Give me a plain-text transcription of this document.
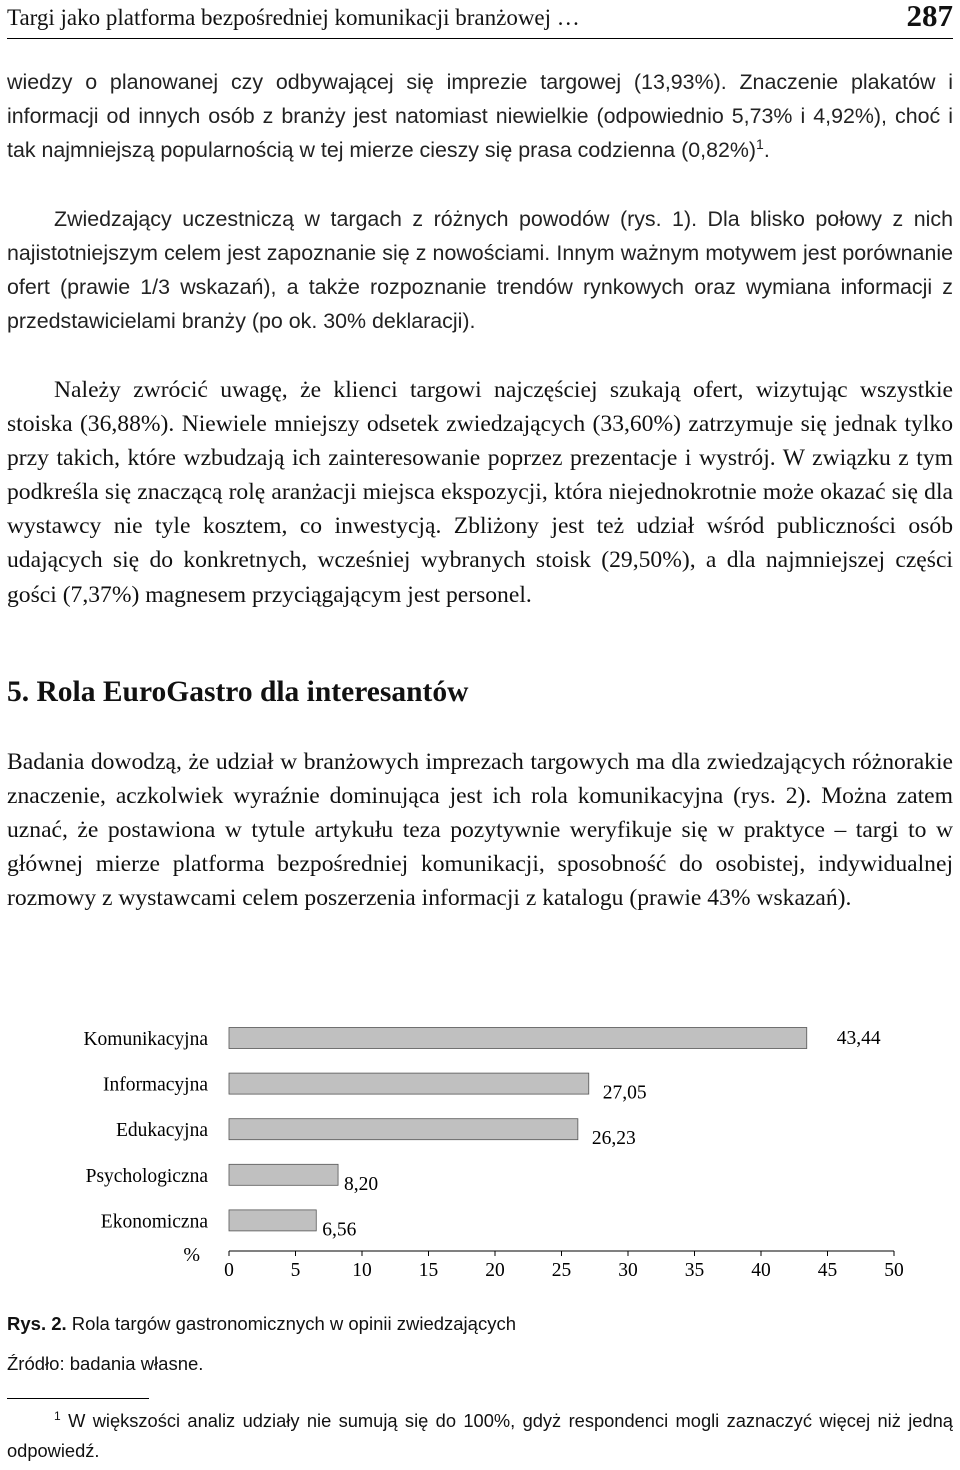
Targi jako platforma bezpośredniej komunikacji branżowej …	287

wiedzy o planowanej czy odbywającej się imprezie targowej (13,93%). Znaczenie plakatów i informacji od innych osób z branży jest natomiast niewielkie (odpowiednio 5,73% i 4,92%), choć i tak najmniejszą popularnością w tej mierze cieszy się prasa codzienna $(0,82\%)^1$.

Zwiedzający uczestniczą w targach z różnych powodów (rys. 1). Dla blisko połowy z nich najistotniejszym celem jest zapoznanie się z nowościami. Innym ważnym motywem jest porównanie ofert (prawie 1/3 wskazań), a także rozpoznanie trendów rynkowych oraz wymiana informacji z przedstawicielami branży (po ok. 30% deklaracji).

Należy zwrócić uwagę, że klienci targowi najczęściej szukają ofert, wizytując wszystkie stoiska (36,88%). Niewiele mniejszy odsetek zwiedzających (33,60%) zatrzymuje się jednak tylko przy takich, które wzbudzają ich zainteresowanie poprzez prezentacje i wystrój. W związku z tym podkreśla się znaczącą rolę aranżacji miejsca ekspozycji, która niejednokrotnie może okazać się dla wystawcy nie tyle kosztem, co inwestycją. Zbliżony jest też udział wśród publiczności osób udających się do konkretnych, wcześniej wybranych stoisk (29,50%), a dla najmniejszej części gości (7,37%) magnesem przyciągającym jest personel.

5. Rola EuroGastro dla interesantów

Badania dowodzą, że udział w branżowych imprezach targowych ma dla zwiedzających różnorakie znaczenie, aczkolwiek wyraźnie dominująca jest ich rola komunikacyjna (rys. 2). Można zatem uznać, że postawiona w tytule artykułu teza pozytywnie weryfikuje się w praktyce – targi to w głównej mierze platforma bezpośredniej komunikacji, sposobność do osobistej, indywidualnej rozmowy z wystawcami celem poszerzenia informacji z katalogu (prawie 43% wskazań).

Komunikacyjna
Informacyjna
Edukacyjna
Psychologiczna
Ekonomiczna
43,44
27,05
26,23
8,20
6,56
0	5	10 15 20 25 30 35 40 45 50
%
Rys. 2. Rola targów gastronomicznych w opinii zwiedzających
Źródło: badania własne.

$^1$ W większości analiz udziały nie sumują się do 100%, gdyż respondenci mogli zaznaczyć więcej niż jedną odpowiedź.
